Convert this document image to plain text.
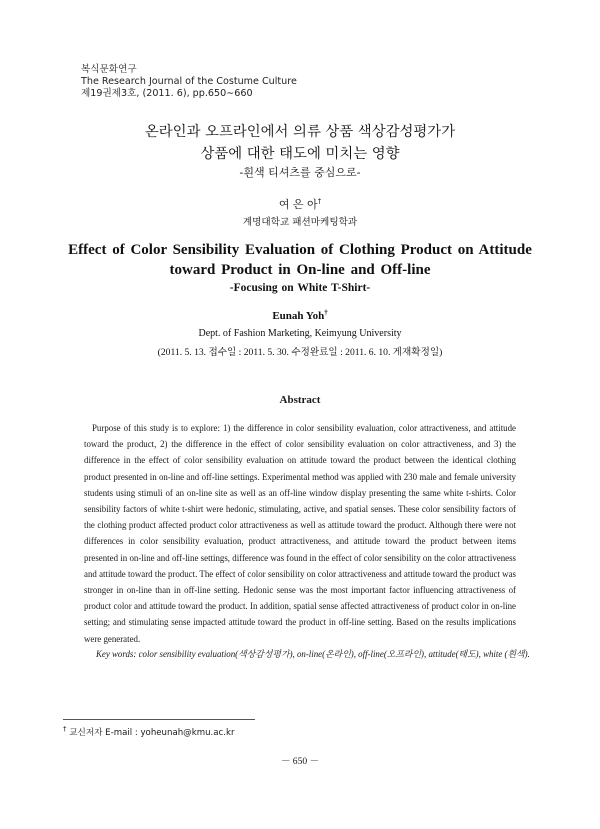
복식문화연구
The Research Journal of the Costume Culture
제19권제3호, (2011. 6), pp.650∼660
온라인과 오프라인에서 의류 상품 색상감성평가가
상품에 대한 태도에 미치는 영향
-흰색 티셔츠를 중심으로-
여 은 아†
계명대학교 패션마케팅학과
Effect of Color Sensibility Evaluation of Clothing Product on Attitude
toward Product in On-line and Off-line
-Focusing on White T-Shirt-
Eunah Yoh†
Dept. of Fashion Marketing, Keimyung University
(2011. 5. 13. 접수일 : 2011. 5. 30. 수정완료일 : 2011. 6. 10. 게재확정일)
Abstract

Purpose of this study is to explore: 1) the difference in color sensibility evaluation, color attractiveness, and attitude toward the product, 2) the difference in the effect of color sensibility evaluation on color attractiveness, and 3) the difference in the effect of color sensibility evaluation on attitude toward the product between the identical clothing product presented in on-line and off-line settings. Experimental method was applied with 230 male and female university students using stimuli of an on-line site as well as an off-line window display presenting the same white t-shirts. Color sensibility factors of white t-shirt were hedonic, stimulating, active, and spatial senses. These color sensibility factors of the clothing product affected product color attractiveness as well as attitude toward the product. Although there were not differences in color sensibility evaluation, product attractiveness, and attitude toward the product between items presented in on-line and off-line settings, difference was found in the effect of color sensibility on the color attractiveness and attitude toward the product. The effect of color sensibility on color attractiveness and attitude toward the product was stronger in on-line than in off-line setting. Hedonic sense was the most important factor influencing attractiveness of product color and attitude toward the product. In addition, spatial sense affected attractiveness of product color in on-line setting; and stimulating sense impacted attitude toward the product in off-line setting. Based on the results implications were generated.

Key words: color sensibility evaluation(색상감성평가), on-line(온라인), off-line(오프라인), attitude(태도), white (흰색).

† 교신저자 E-mail : yoheunah@kmu.ac.kr
－ 650 －
